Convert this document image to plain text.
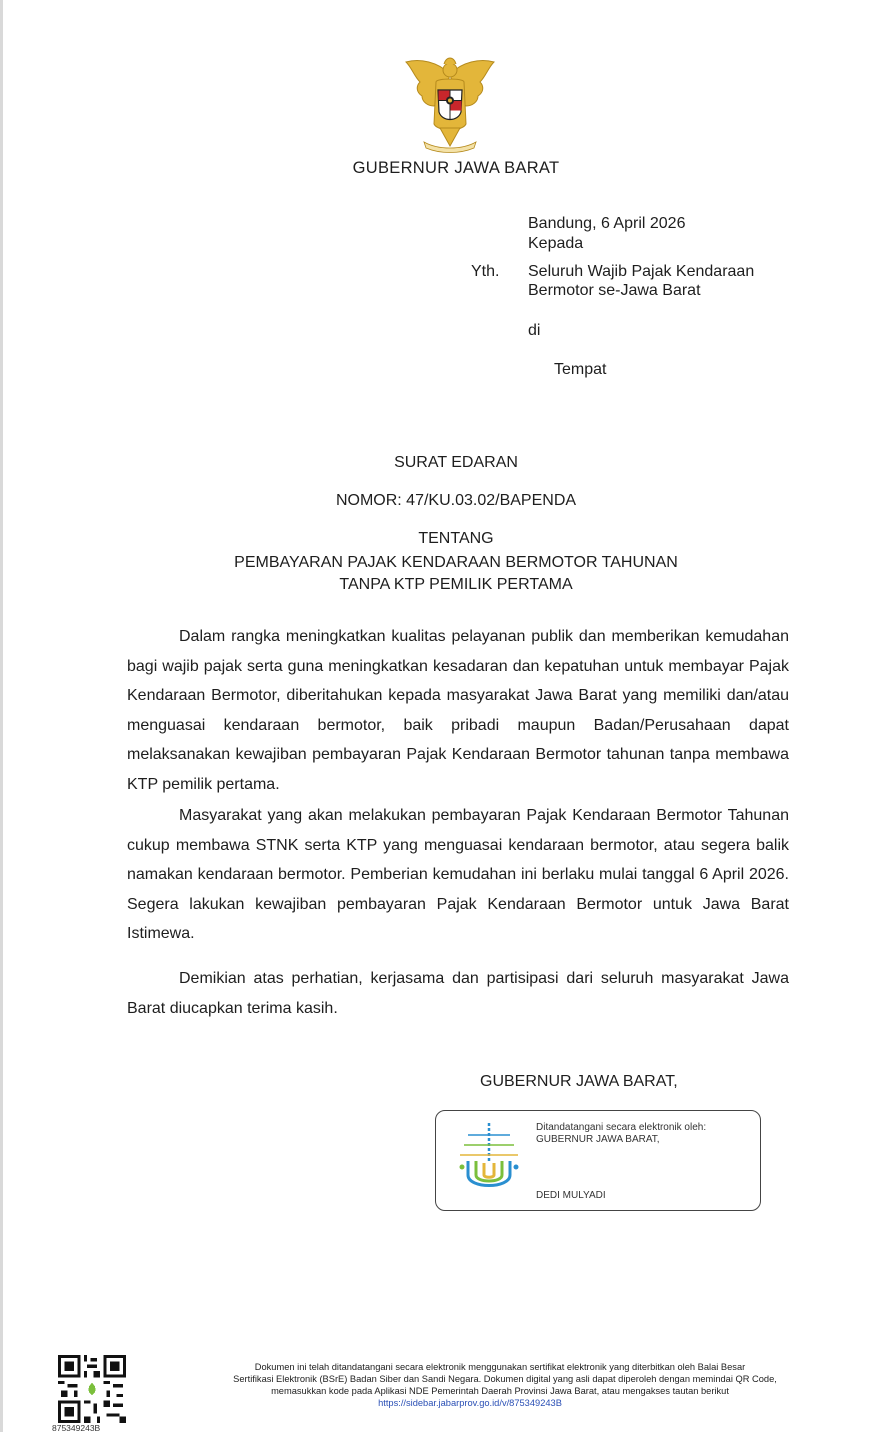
GUBERNUR JAWA BARAT
Bandung, 6 April 2026
Kepada
Yth. Seluruh Wajib Pajak Kendaraan
Bermotor se-Jawa Barat
di
Tempat
SURAT EDARAN
NOMOR: 47/KU.03.02/BAPENDA
TENTANG
PEMBAYARAN PAJAK KENDARAAN BERMOTOR TAHUNAN
TANPA KTP PEMILIK PERTAMA
Dalam rangka meningkatkan kualitas pelayanan publik dan memberikan kemudahan bagi wajib pajak serta guna meningkatkan kesadaran dan kepatuhan untuk membayar Pajak Kendaraan Bermotor, diberitahukan kepada masyarakat Jawa Barat yang memiliki dan/atau menguasai kendaraan bermotor, baik pribadi maupun Badan/Perusahaan dapat melaksanakan kewajiban pembayaran Pajak Kendaraan Bermotor tahunan tanpa membawa KTP pemilik pertama.
Masyarakat yang akan melakukan pembayaran Pajak Kendaraan Bermotor Tahunan cukup membawa STNK serta KTP yang menguasai kendaraan bermotor, atau segera balik namakan kendaraan bermotor. Pemberian kemudahan ini berlaku mulai tanggal 6 April 2026. Segera lakukan kewajiban pembayaran Pajak Kendaraan Bermotor untuk Jawa Barat Istimewa.
Demikian atas perhatian, kerjasama dan partisipasi dari seluruh masyarakat Jawa Barat diucapkan terima kasih.
GUBERNUR JAWA BARAT,
Ditandatangani secara elektronik oleh:
GUBERNUR JAWA BARAT,
DEDI MULYADI
875349243B
Dokumen ini telah ditandatangani secara elektronik menggunakan sertifikat elektronik yang diterbitkan oleh Balai Besar
Sertifikasi Elektronik (BSrE) Badan Siber dan Sandi Negara. Dokumen digital yang asli dapat diperoleh dengan memindai QR Code,
memasukkan kode pada Aplikasi NDE Pemerintah Daerah Provinsi Jawa Barat, atau mengakses tautan berikut
https://sidebar.jabarprov.go.id/v/875349243B
